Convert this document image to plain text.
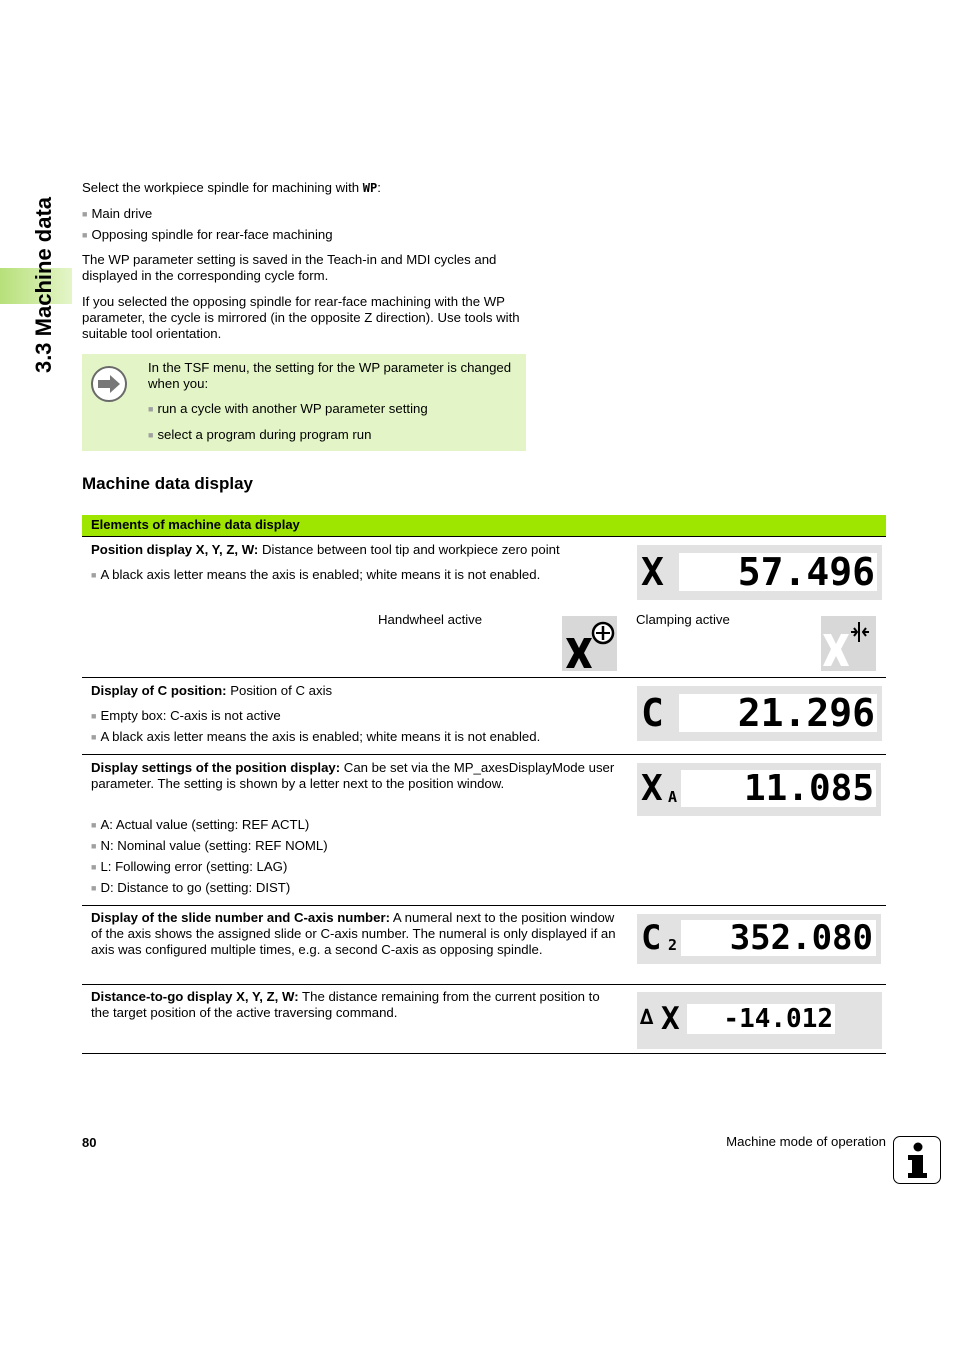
3.3 Machine data
Select the workpiece spindle for machining with WP:
■ Main drive
■ Opposing spindle for rear-face machining
The WP parameter setting is saved in the Teach-in and MDI cycles and displayed in the corresponding cycle form.
If you selected the opposing spindle for rear-face machining with the WP parameter, the cycle is mirrored (in the opposite Z direction). Use tools with suitable tool orientation.
In the TSF menu, the setting for the WP parameter is changed when you:
■ run a cycle with another WP parameter setting
■ select a program during program run
Machine data display
Elements of machine data display
Position display X, Y, Z, W: Distance between tool tip and workpiece zero point
■ A black axis letter means the axis is enabled; white means it is not enabled.	X	57.496
Handwheel active	Clamping active
Display of C position: Position of C axis
■ Empty box: C-axis is not active
■ A black axis letter means the axis is enabled; white means it is not enabled.
C	21.296
Display settings of the position display: Can be set via the MP_axesDisplayMode user parameter. The setting is shown by a letter next to the position window.
■ A: Actual value (setting: REF ACTL)
■ N: Nominal value (setting: REF NOML)
■ L: Following error (setting: LAG)
■ D: Distance to go (setting: DIST)
X A	11.085
Display of the slide number and C-axis number: A numeral next to the position window of the axis shows the assigned slide or C-axis number. The numeral is only displayed if an axis was configured multiple times, e.g. a second C-axis as opposing spindle.	C 2	352.080
Distance-to-go display X, Y, Z, W: The distance remaining from the current position to the target position of the active traversing command.	∆ X	-14.012
80	Machine mode of operation
